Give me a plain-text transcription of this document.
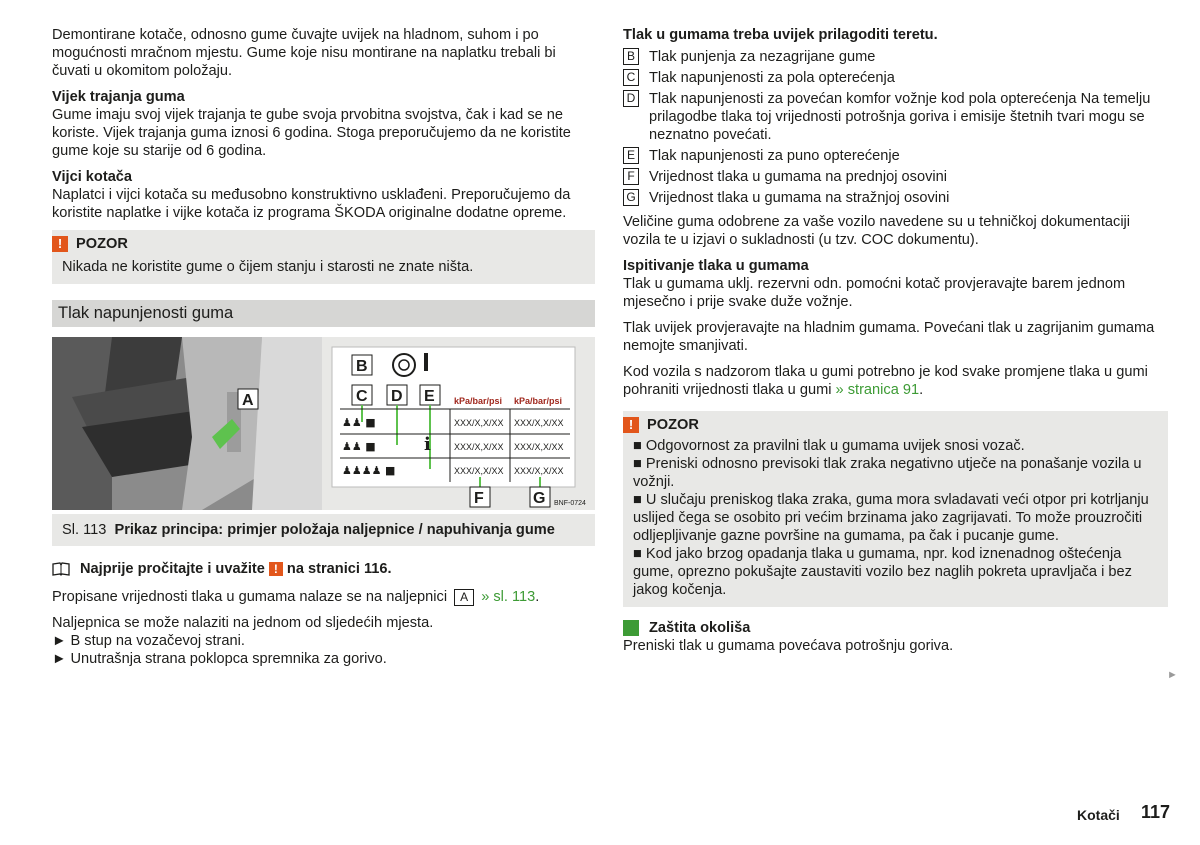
Demontirane kotače, odnosno gume čuvajte uvijek na hladnom, suhom i po mogućnosti mračnom mjestu. Gume koje nisu montirane na naplatku trebali bi čuvati u okomitom položaju.

Vijek trajanja guma

Gume imaju svoj vijek trajanja te gube svoja prvobitna svojstva, čak i kad se ne koriste. Vijek trajanja guma iznosi 6 godina. Stoga preporučujemo da ne koristite gume koje su starije od 6 godina.

Vijci kotača

Naplatci i vijci kotača su međusobno konstruktivno usklađeni. Preporučujemo da koristite naplatke i vijke kotača iz programa ŠKODA originalne dodatne opreme.

! POZOR
Nikada ne koristite gume o čijem stanju i starosti ne znate ništa.
Tlak napunjenosti guma
A
B
C D E kPa/bar/psi kPa/bar/psi
XXX/X,X/XX XXX/X,X/XX
XXX/X,X/XX XXX/X,X/XX
XXX/X,X/XX XXX/X,X/XX
♟♟ ■
♟♟ ■
♟♟♟♟ ■
i
F	G BNF-0724
Sl. 113 Prikaz principa: primjer položaja naljepnice / napuhivanja gume
Najprije pročitajte i uvažite ! na stranici 116.

Propisane vrijednosti tlaka u gumama nalaze se na naljepnici A » sl. 113.

Naljepnica se može nalaziti na jednom od sljedećih mjesta.

► B stup na vozačevoj strani.

► Unutrašnja strana poklopca spremnika za gorivo.

Tlak u gumama treba uvijek prilagoditi teretu.

B Tlak punjenja za nezagrijane gume
C Tlak napunjenosti za pola opterećenja
D Tlak napunjenosti za povećan komfor vožnje kod pola opterećenja Na temelju prilagodbe tlaka toj vrijednosti potrošnja goriva i emisije štetnih tvari mogu se neznatno povećati.
E Tlak napunjenosti za puno opterećenje
F Vrijednost tlaka u gumama na prednjoj osovini
G Vrijednost tlaka u gumama na stražnjoj osovini

Veličine guma odobrene za vaše vozilo navedene su u tehničkoj dokumentaciji vozila te u izjavi o sukladnosti (u tzv. COC dokumentu).

Ispitivanje tlaka u gumama

Tlak u gumama uklj. rezervni odn. pomoćni kotač provjeravajte barem jednom mjesečno i prije svake duže vožnje.

Tlak uvijek provjeravajte na hladnim gumama. Povećani tlak u zagrijanim gumama nemojte smanjivati.

Kod vozila s nadzorom tlaka u gumi potrebno je kod svake promjene tlaka u gumi pohraniti vrijednosti tlaka u gumi » stranica 91.

! POZOR
■ Odgovornost za pravilni tlak u gumama uvijek snosi vozač.
■ Preniski odnosno previsoki tlak zraka negativno utječe na ponašanje vozila u vožnji.
■ U slučaju preniskog tlaka zraka, guma mora svladavati veći otpor pri kotrljanju uslijed čega se osobito pri većim brzinama jako zagrijavati. To može prouzročiti odljepljivanje gazne površine na gumama, pa čak i pucanje gume.
■ Kod jako brzog opadanja tlaka u gumama, npr. kod iznenadnog oštećenja gume, oprezno pokušajte zaustaviti vozilo bez naglih pokreta upravljača i bez jakog kočenja.
Zaštita okoliša

Preniski tlak u gumama povećava potrošnju goriva.

►
Kotači 117
